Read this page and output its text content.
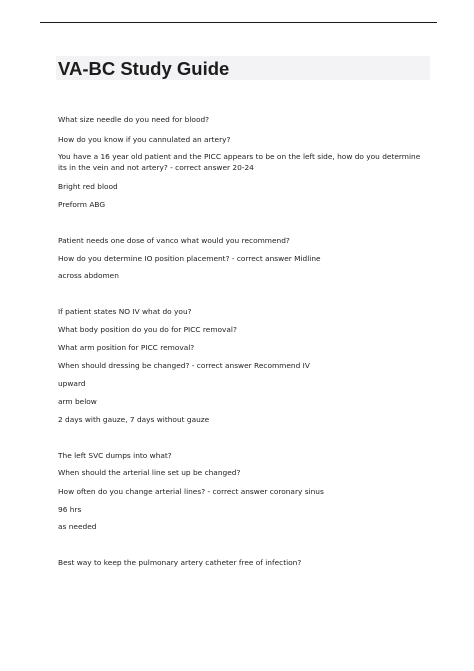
VA-BC Study Guide

What size needle do you need for blood?

How do you know if you cannulated an artery?

You have a 16 year old patient and the PICC appears to be on the left side, how do you determine its in the vein and not artery? - correct answer 20-24

Bright red blood

Preform ABG

Patient needs one dose of vanco what would you recommend?

How do you determine IO position placement? - correct answer Midline

across abdomen

If patient states NO IV what do you?

What body position do you do for PICC removal?

What arm position for PICC removal?

When should dressing be changed? - correct answer Recommend IV

upward

arm below

2 days with gauze, 7 days without gauze

The left SVC dumps into what?

When should the arterial line set up be changed?

How often do you change arterial lines? - correct answer coronary sinus

96 hrs

as needed

Best way to keep the pulmonary artery catheter free of infection?
